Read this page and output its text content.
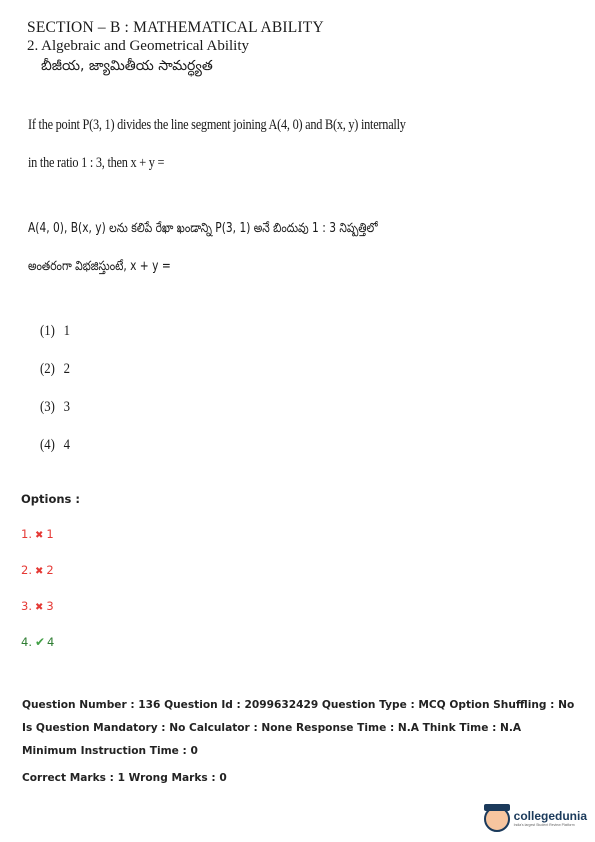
SECTION – B : MATHEMATICAL ABILITY
2. Algebraic and Geometrical Ability
బీజీయ, జ్యామితీయ సామర్ధ్యత
If the point P(3, 1) divides the line segment joining A(4, 0) and B(x, y) internally
in the ratio 1 : 3, then x + y =
A(4, 0), B(x, y) లను కలిపే రేఖా ఖండాన్ని P(3, 1) అనే బిందువు 1 : 3 నిష్పత్తిలో
అంతరంగా విభజిస్తుంటే, x + y =
(1) 1
(2) 2
(3) 3
(4) 4
Options :
1. ✖ 1
2. ✖ 2
3. ✖ 3
4. ✔ 4
Question Number : 136 Question Id : 2099632429 Question Type : MCQ Option Shuffling : No
Is Question Mandatory : No Calculator : None Response Time : N.A Think Time : N.A
Minimum Instruction Time : 0
Correct Marks : 1 Wrong Marks : 0
collegedunia
India's largest Student Review Platform
